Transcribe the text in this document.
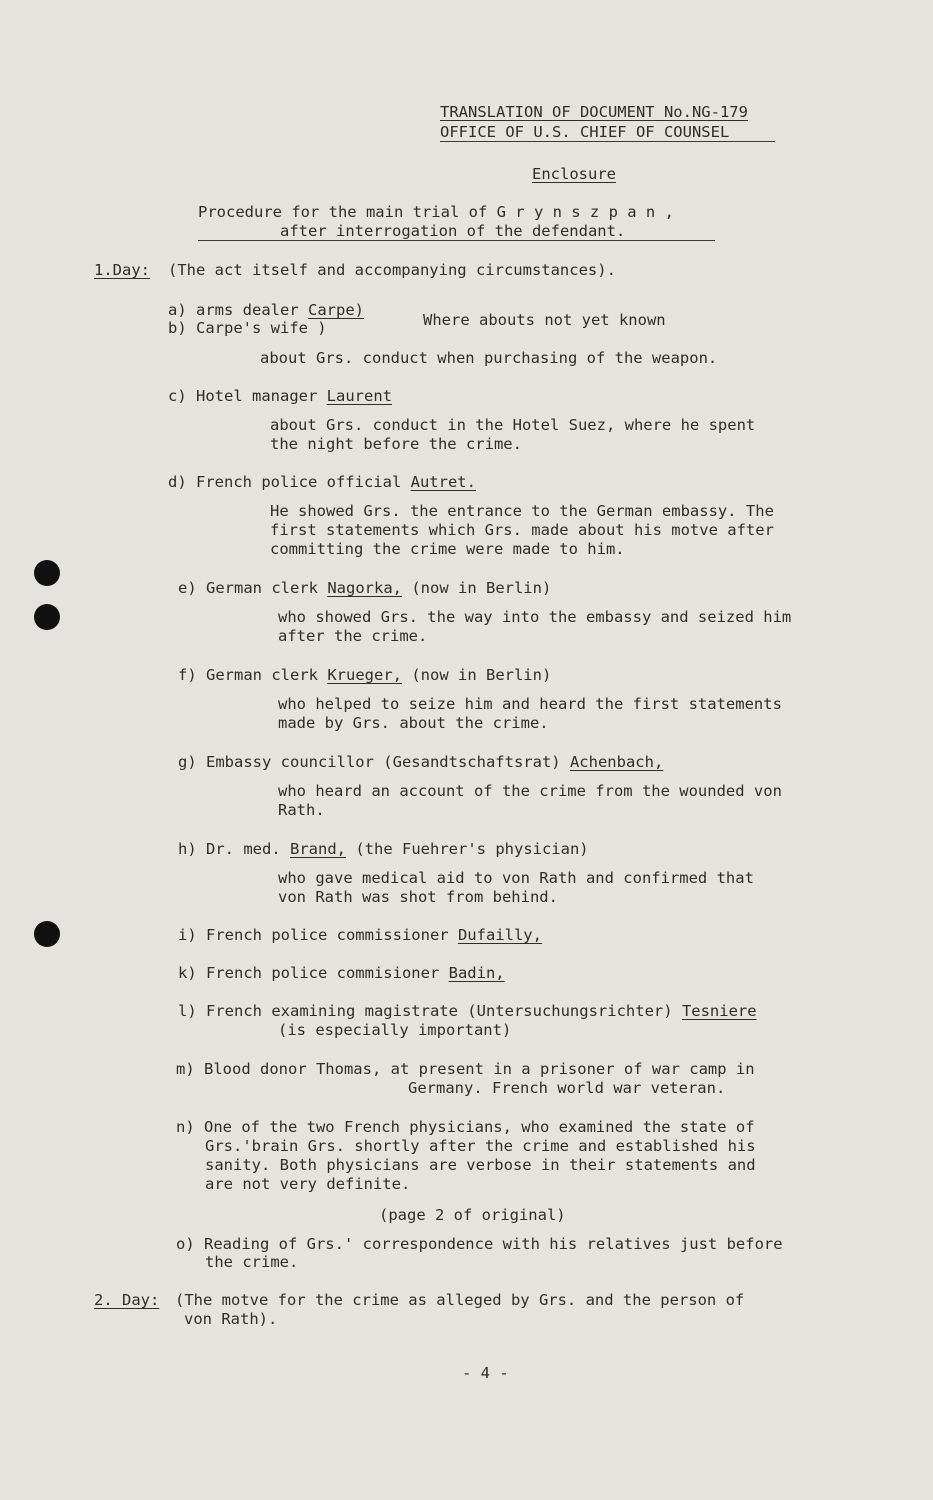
TRANSLATION OF DOCUMENT No.NG-179
OFFICE OF U.S. CHIEF OF COUNSEL
Enclosure
Procedure for the main trial of G r y n s z p a n ,
after interrogation of the defendant.
1.Day: (The act itself and accompanying circumstances).
a) arms dealer Carpe)
b) Carpe's wife )	Where abouts not yet known
about Grs. conduct when purchasing of the weapon.
c) Hotel manager Laurent
about Grs. conduct in the Hotel Suez, where he spent
the night before the crime.
d) French police official Autret.
He showed Grs. the entrance to the German embassy. The
first statements which Grs. made about his motve after
committing the crime were made to him.
e) German clerk Nagorka, (now in Berlin)
who showed Grs. the way into the embassy and seized him
after the crime.
f) German clerk Krueger, (now in Berlin)
who helped to seize him and heard the first statements
made by Grs. about the crime.
g) Embassy councillor (Gesandtschaftsrat) Achenbach,
who heard an account of the crime from the wounded von
Rath.
h) Dr. med. Brand, (the Fuehrer's physician)
who gave medical aid to von Rath and confirmed that
von Rath was shot from behind.
i) French police commissioner Dufailly,
k) French police commisioner Badin,
l) French examining magistrate (Untersuchungsrichter) Tesniere
(is especially important)
m) Blood donor Thomas, at present in a prisoner of war camp in
Germany. French world war veteran.
n) One of the two French physicians, who examined the state of
Grs.'brain Grs. shortly after the crime and established his
sanity. Both physicians are verbose in their statements and
are not very definite.
(page 2 of original)
o) Reading of Grs.' correspondence with his relatives just before
the crime.
2. Day: (The motve for the crime as alleged by Grs. and the person of
von Rath).
- 4 -
